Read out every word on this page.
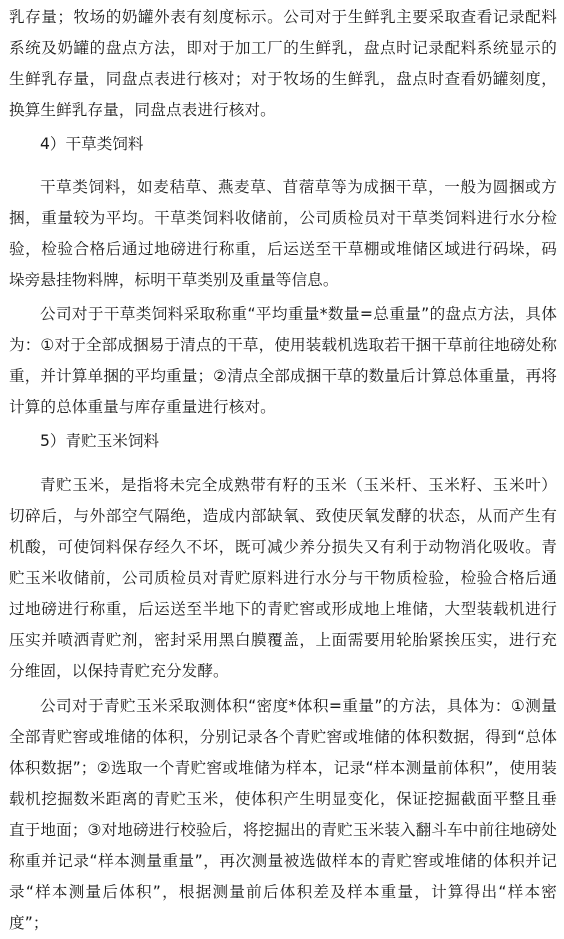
乳存量；牧场的奶罐外表有刻度标示。公司对于生鲜乳主要采取查看记录配料系统及奶罐的盘点方法，即对于加工厂的生鲜乳，盘点时记录配料系统显示的生鲜乳存量，同盘点表进行核对；对于牧场的生鲜乳，盘点时查看奶罐刻度，换算生鲜乳存量，同盘点表进行核对。

4）干草类饲料

干草类饲料，如麦秸草、燕麦草、苜蓿草等为成捆干草，一般为圆捆或方捆，重量较为平均。干草类饲料收储前，公司质检员对干草类饲料进行水分检验，检验合格后通过地磅进行称重，后运送至干草棚或堆储区域进行码垛，码垛旁悬挂物料牌，标明干草类别及重量等信息。

公司对于干草类饲料采取称重“平均重量*数量=总重量”的盘点方法，具体为：①对于全部成捆易于清点的干草，使用装载机选取若干捆干草前往地磅处称重，并计算单捆的平均重量；②清点全部成捆干草的数量后计算总体重量，再将计算的总体重量与库存重量进行核对。

5）青贮玉米饲料

青贮玉米，是指将未完全成熟带有籽的玉米（玉米杆、玉米籽、玉米叶）切碎后，与外部空气隔绝，造成内部缺氧、致使厌氧发酵的状态，从而产生有机酸，可使饲料保存经久不坏，既可减少养分损失又有利于动物消化吸收。青贮玉米收储前，公司质检员对青贮原料进行水分与干物质检验，检验合格后通过地磅进行称重，后运送至半地下的青贮窖或形成地上堆储，大型装载机进行压实并喷洒青贮剂，密封采用黑白膜覆盖，上面需要用轮胎紧挨压实，进行充分维固，以保持青贮充分发酵。

公司对于青贮玉米采取测体积“密度*体积=重量”的方法，具体为：①测量全部青贮窖或堆储的体积，分别记录各个青贮窖或堆储的体积数据，得到“总体体积数据”；②选取一个青贮窖或堆储为样本，记录“样本测量前体积”，使用装载机挖掘数米距离的青贮玉米，使体积产生明显变化，保证挖掘截面平整且垂直于地面；③对地磅进行校验后，将挖掘出的青贮玉米装入翻斗车中前往地磅处称重并记录“样本测量重量”，再次测量被选做样本的青贮窖或堆储的体积并记录“样本测量后体积”，根据测量前后体积差及样本重量，计算得出“样本密度”；
